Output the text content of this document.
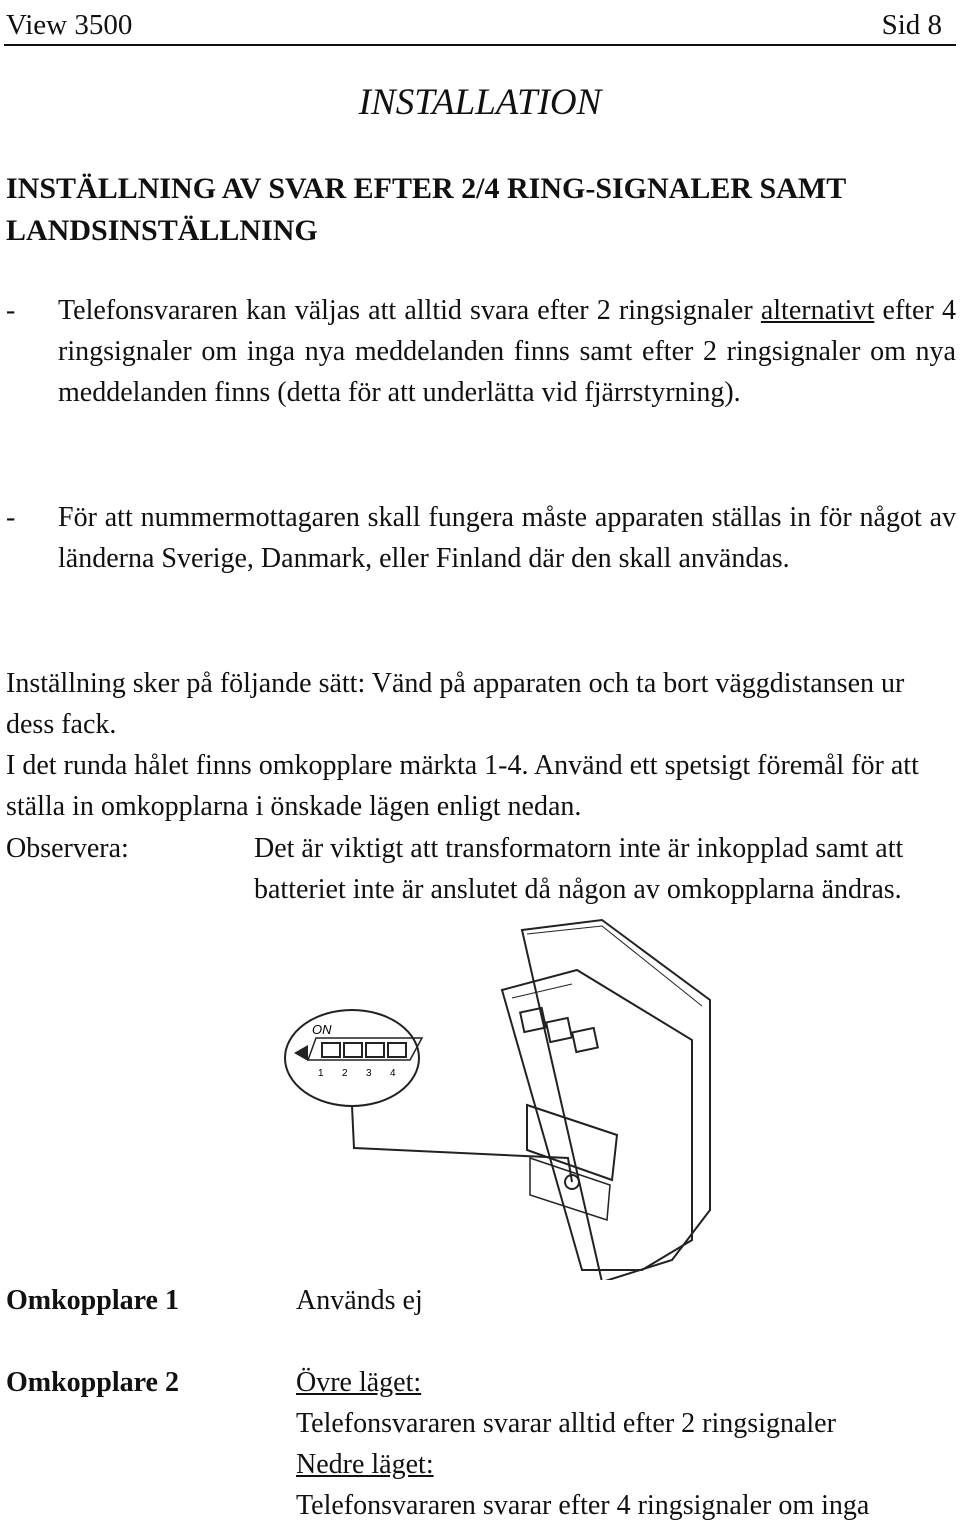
View 3500	Sid 8
INSTALLATION
INSTÄLLNING AV SVAR EFTER 2/4 RING-SIGNALER SAMT LANDSINSTÄLLNING
- Telefonsvararen kan väljas att alltid svara efter 2 ringsignaler alternativt efter 4 ringsignaler om inga nya meddelanden finns samt efter 2 ringsignaler om nya meddelanden finns (detta för att underlätta vid fjärrstyrning).
- För att nummermottagaren skall fungera måste apparaten ställas in för något av länderna Sverige, Danmark, eller Finland där den skall användas.

Inställning sker på följande sätt: Vänd på apparaten och ta bort väggdistansen ur dess fack.

I det runda hålet finns omkopplare märkta 1-4. Använd ett spetsigt föremål för att ställa in omkopplarna i önskade lägen enligt nedan.

Observera:	Det är viktigt att transformatorn inte är inkopplad samt att batteriet inte är anslutet då någon av omkopplarna ändras.
ON
1 2 3 4
Omkopplare 1	Används ej
Omkopplare 2	Övre läget:
Telefonsvararen svarar alltid efter 2 ringsignaler
Nedre läget:
Telefonsvararen svarar efter 4 ringsignaler om inga
